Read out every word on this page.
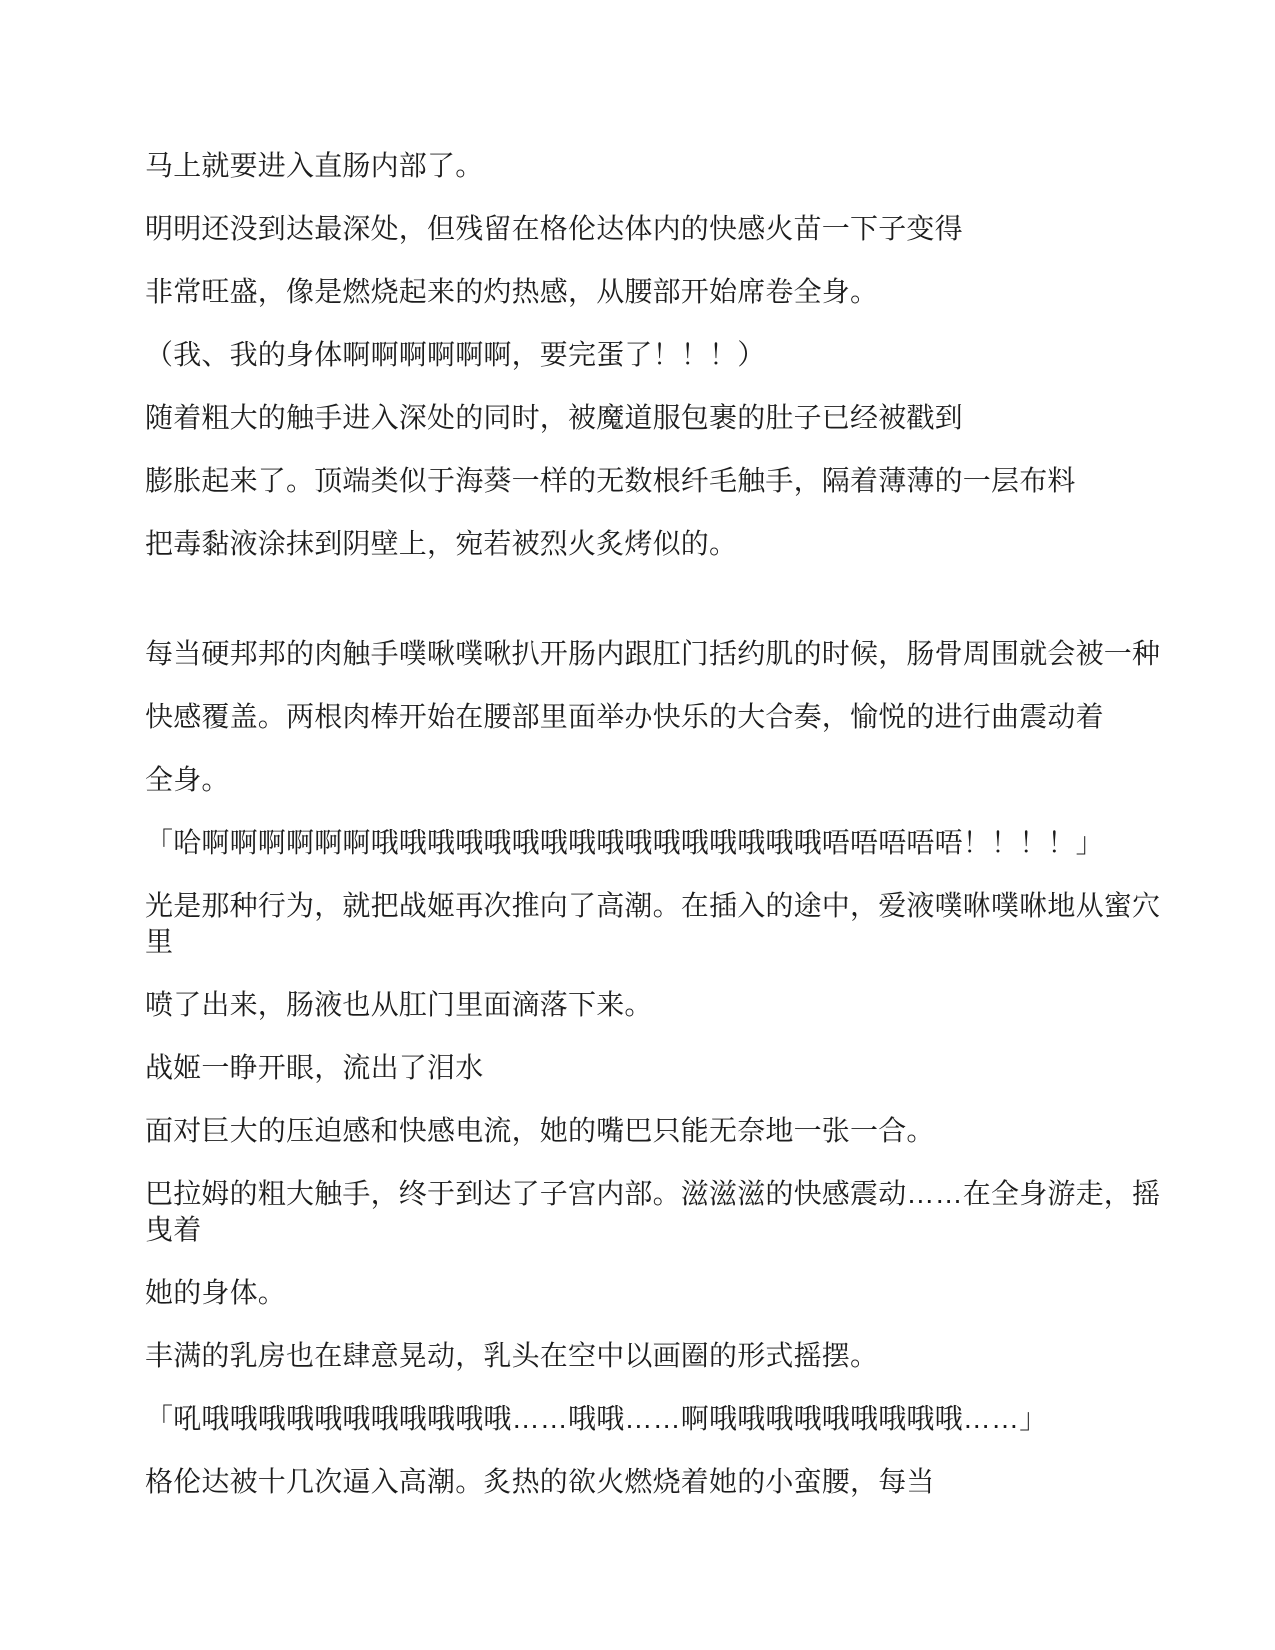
马上就要进入直肠内部了。
明明还没到达最深处，但残留在格伦达体内的快感火苗一下子变得
非常旺盛，像是燃烧起来的灼热感，从腰部开始席卷全身。
（我、我的身体啊啊啊啊啊啊，要完蛋了！！！）
随着粗大的触手进入深处的同时，被魔道服包裹的肚子已经被戳到
膨胀起来了。顶端类似于海葵一样的无数根纤毛触手，隔着薄薄的一层布料
把毒黏液涂抹到阴壁上，宛若被烈火炙烤似的。
每当硬邦邦的肉触手噗啾噗啾扒开肠内跟肛门括约肌的时候，肠骨周围就会被一种
快感覆盖。两根肉棒开始在腰部里面举办快乐的大合奏，愉悦的进行曲震动着
全身。
「哈啊啊啊啊啊啊哦哦哦哦哦哦哦哦哦哦哦哦哦哦哦哦唔唔唔唔唔！！！！」
光是那种行为，就把战姬再次推向了高潮。在插入的途中，爱液噗咻噗咻地从蜜穴
里
喷了出来，肠液也从肛门里面滴落下来。
战姬一睁开眼，流出了泪水
面对巨大的压迫感和快感电流，她的嘴巴只能无奈地一张一合。
巴拉姆的粗大触手，终于到达了子宫内部。滋滋滋的快感震动……在全身游走，摇
曳着
她的身体。
丰满的乳房也在肆意晃动，乳头在空中以画圈的形式摇摆。
「吼哦哦哦哦哦哦哦哦哦哦哦……哦哦……啊哦哦哦哦哦哦哦哦哦……」
格伦达被十几次逼入高潮。炙热的欲火燃烧着她的小蛮腰，每当
